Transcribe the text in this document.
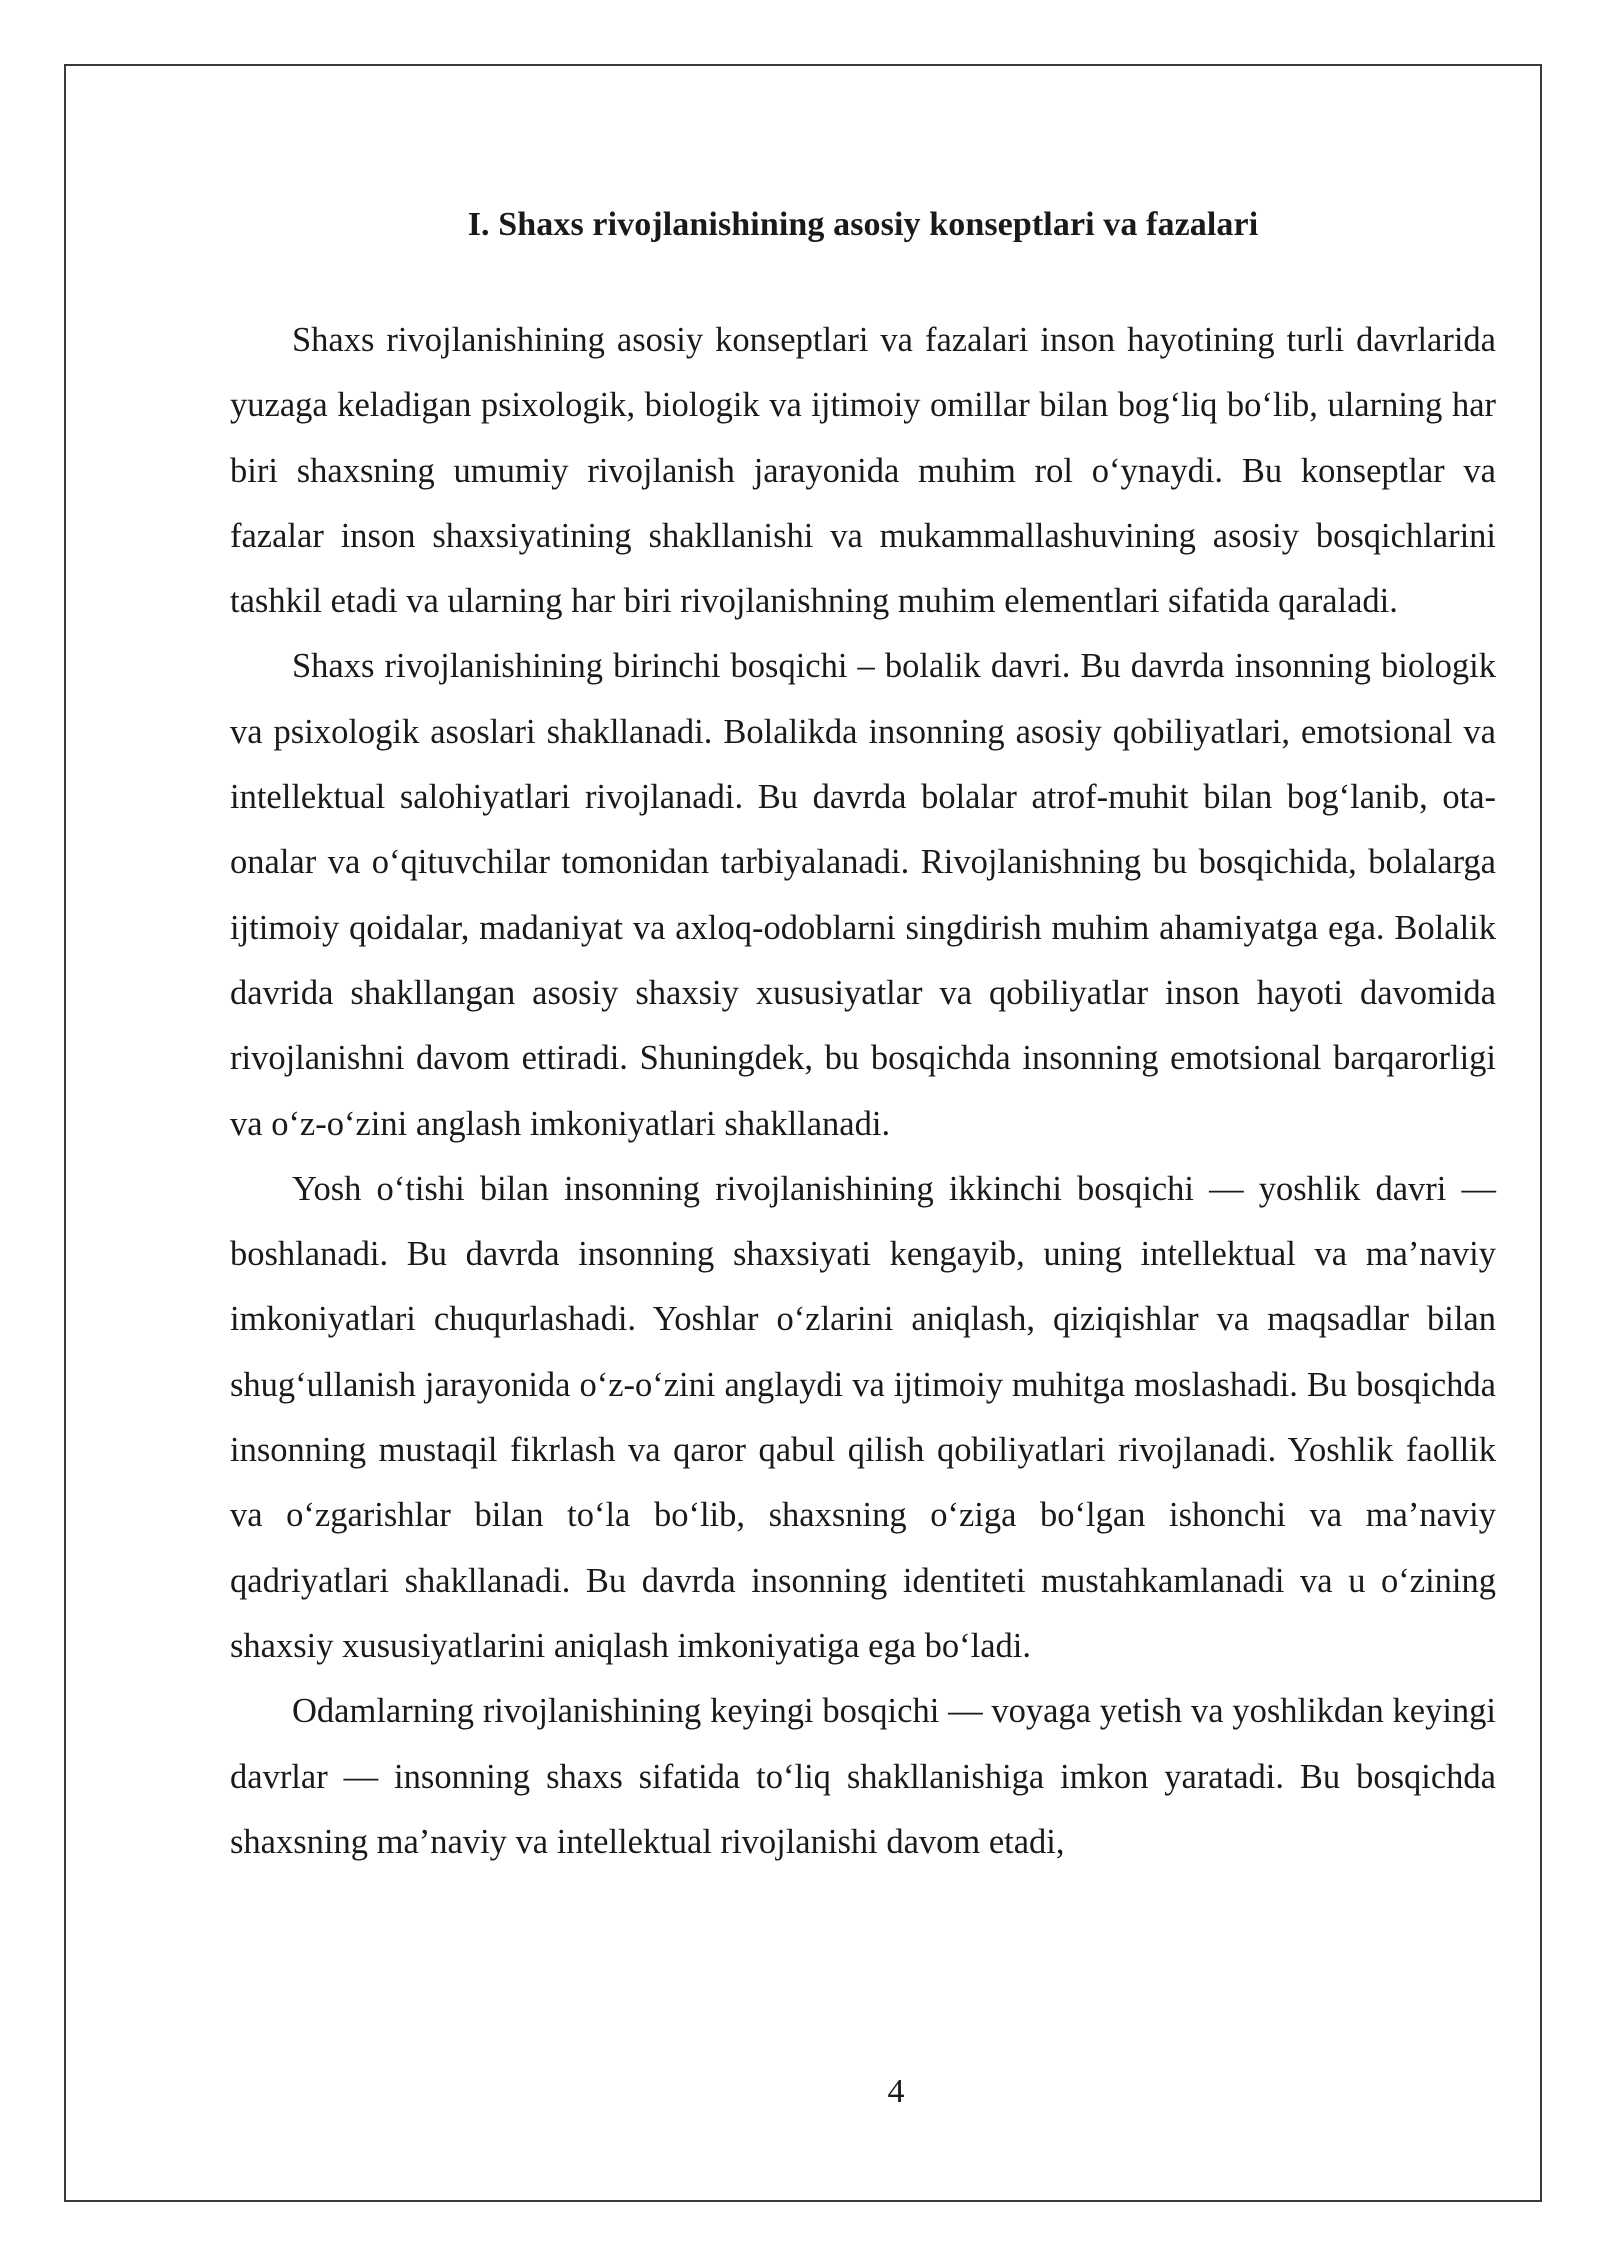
I. Shaxs rivojlanishining asosiy konseptlari va fazalari

Shaxs rivojlanishining asosiy konseptlari va fazalari inson hayotining turli davrlarida yuzaga keladigan psixologik, biologik va ijtimoiy omillar bilan bog‘liq bo‘lib, ularning har biri shaxsning umumiy rivojlanish jarayonida muhim rol o‘ynaydi. Bu konseptlar va fazalar inson shaxsiyatining shakllanishi va mukammallashuvining asosiy bosqichlarini tashkil etadi va ularning har biri rivojlanishning muhim elementlari sifatida qaraladi.

Shaxs rivojlanishining birinchi bosqichi – bolalik davri. Bu davrda insonning biologik va psixologik asoslari shakllanadi. Bolalikda insonning asosiy qobiliyatlari, emotsional va intellektual salohiyatlari rivojlanadi. Bu davrda bolalar atrof-muhit bilan bog‘lanib, ota-onalar va o‘qituvchilar tomonidan tarbiyalanadi. Rivojlanishning bu bosqichida, bolalarga ijtimoiy qoidalar, madaniyat va axloq-odoblarni singdirish muhim ahamiyatga ega. Bolalik davrida shakllangan asosiy shaxsiy xususiyatlar va qobiliyatlar inson hayoti davomida rivojlanishni davom ettiradi. Shuningdek, bu bosqichda insonning emotsional barqarorligi va o‘z-o‘zini anglash imkoniyatlari shakllanadi.

Yosh o‘tishi bilan insonning rivojlanishining ikkinchi bosqichi — yoshlik davri — boshlanadi. Bu davrda insonning shaxsiyati kengayib, uning intellektual va ma’naviy imkoniyatlari chuqurlashadi. Yoshlar o‘zlarini aniqlash, qiziqishlar va maqsadlar bilan shug‘ullanish jarayonida o‘z-o‘zini anglaydi va ijtimoiy muhitga moslashadi. Bu bosqichda insonning mustaqil fikrlash va qaror qabul qilish qobiliyatlari rivojlanadi. Yoshlik faollik va o‘zgarishlar bilan to‘la bo‘lib, shaxsning o‘ziga bo‘lgan ishonchi va ma’naviy qadriyatlari shakllanadi. Bu davrda insonning identiteti mustahkamlanadi va u o‘zining shaxsiy xususiyatlarini aniqlash imkoniyatiga ega bo‘ladi.

Odamlarning rivojlanishining keyingi bosqichi — voyaga yetish va yoshlikdan keyingi davrlar — insonning shaxs sifatida to‘liq shakllanishiga imkon yaratadi. Bu bosqichda shaxsning ma’naviy va intellektual rivojlanishi davom etadi,

4
